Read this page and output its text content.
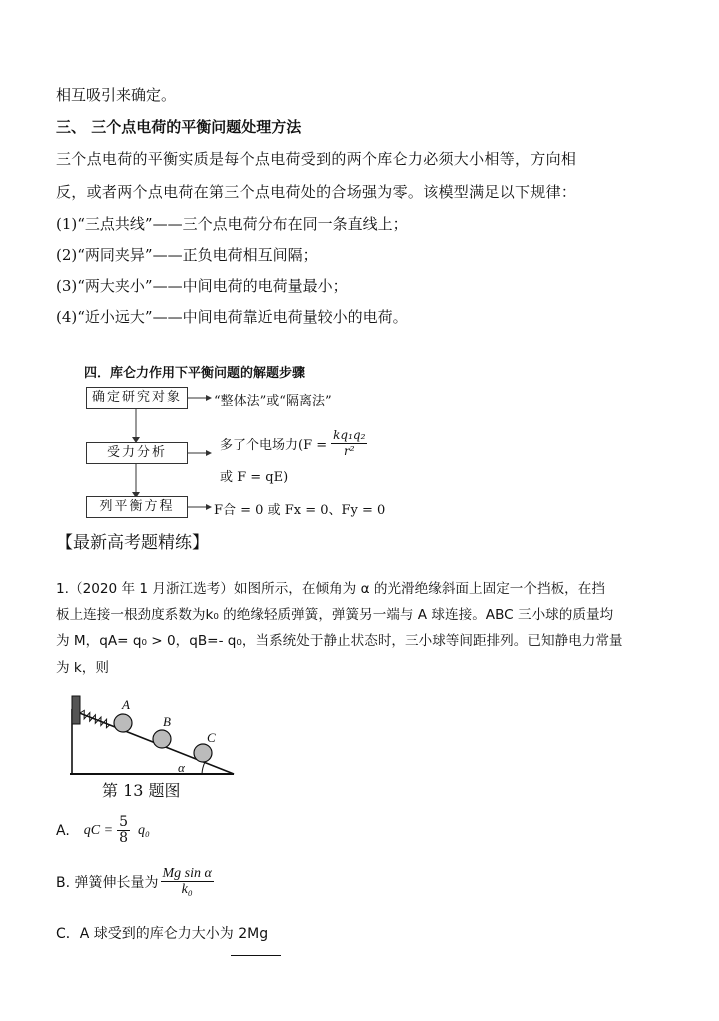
相互吸引来确定。
三、 三个点电荷的平衡问题处理方法
三个点电荷的平衡实质是每个点电荷受到的两个库仑力必须大小相等，方向相
反，或者两个点电荷在第三个点电荷处的合场强为零。该模型满足以下规律：
(1)“三点共线”——三个点电荷分布在同一条直线上；
(2)“两同夹异”——正负电荷相互间隔；
(3)“两大夹小”——中间电荷的电荷量最小；
(4)“近小远大”——中间电荷靠近电荷量较小的电荷。
四．库仑力作用下平衡问题的解题步骤
确定研究对象
受力分析
列平衡方程
“整体法”或“隔离法”
多了个电场力($F = \frac{\text{kq₁q₂}}{\text{r²}}$
或 F = qE)
F合 = 0 或 Fx = 0、Fy = 0
【最新高考题精练】
1.（2020 年 1 月浙江选考）如图所示，在倾角为 α 的光滑绝缘斜面上固定一个挡板，在挡
板上连接一根劲度系数为k₀ 的绝缘轻质弹簧，弹簧另一端与 A 球连接。ABC 三小球的质量均
为 M，qA= q₀ > 0，qB=- q₀，当系统处于静止状态时，三小球等间距排列。已知静电力常量
为 k，则
A
B
C
α
第 13 题图
A. qC = $\frac{5}{8} q_0$
B. 弹簧伸长量为 $\frac{\text{Mg sin α}}{\text{k₀}}$
C．A 球受到的库仑力大小为 2Mg
